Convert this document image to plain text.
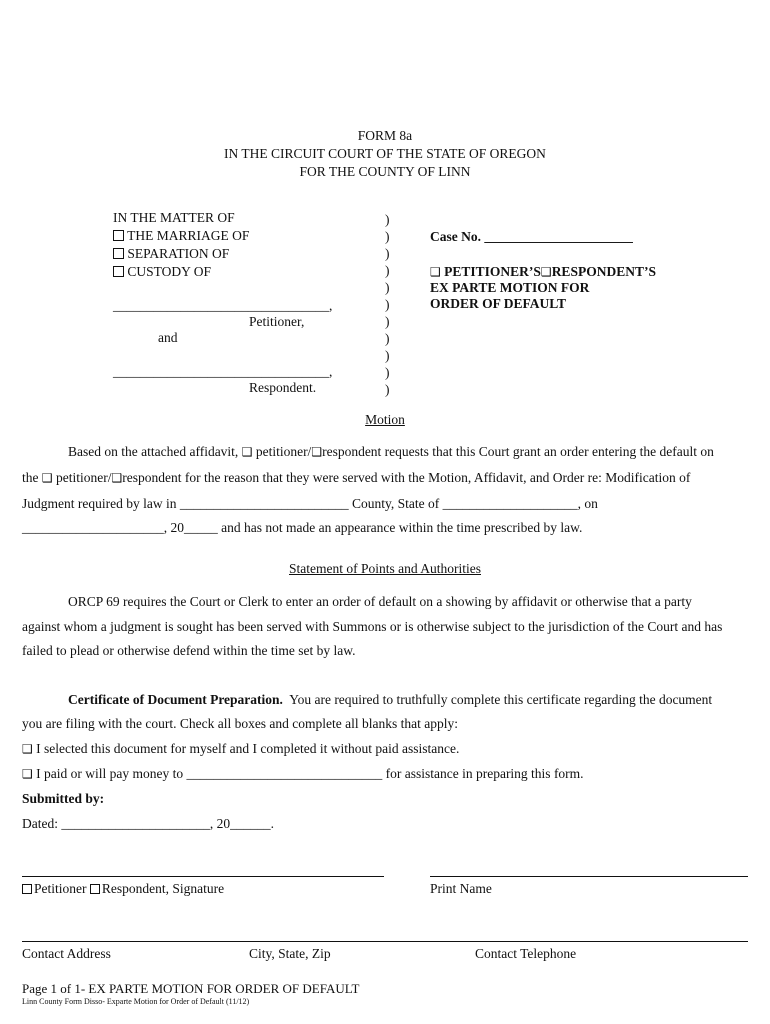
FORM 8a
IN THE CIRCUIT COURT OF THE STATE OF OREGON
FOR THE COUNTY OF LINN
IN THE MATTER OF
THE MARRIAGE OF
SEPARATION OF
CUSTODY OF
________________________________,
Petitioner,
and
________________________________,
Respondent.
)
)
)
)
)
)
)
)
)
)
)
Case No. ______________________
❑ PETITIONER’S❑RESPONDENT’S
EX PARTE MOTION FOR
ORDER OF DEFAULT
Motion
Based on the attached affidavit, ❑ petitioner/❑respondent requests that this Court grant an order entering the default on
the ❑ petitioner/❑respondent for the reason that they were served with the Motion, Affidavit, and Order re: Modification of
Judgment required by law in _________________________ County, State of ____________________, on
_____________________, 20_____ and has not made an appearance within the time prescribed by law.
Statement of Points and Authorities
ORCP 69 requires the Court or Clerk to enter an order of default on a showing by affidavit or otherwise that a party
against whom a judgment is sought has been served with Summons or is otherwise subject to the jurisdiction of the Court and has
failed to plead or otherwise defend within the time set by law.
Certificate of Document Preparation. You are required to truthfully complete this certificate regarding the document
you are filing with the court. Check all boxes and complete all blanks that apply:
❑ I selected this document for myself and I completed it without paid assistance.
❑ I paid or will pay money to _____________________________ for assistance in preparing this form.
Submitted by:
Dated: ______________________, 20______.
Petitioner Respondent, Signature	Print Name
Contact Address	City, State, Zip	Contact Telephone
Page 1 of 1- EX PARTE MOTION FOR ORDER OF DEFAULT
Linn County Form Disso- Exparte Motion for Order of Default (11/12)
